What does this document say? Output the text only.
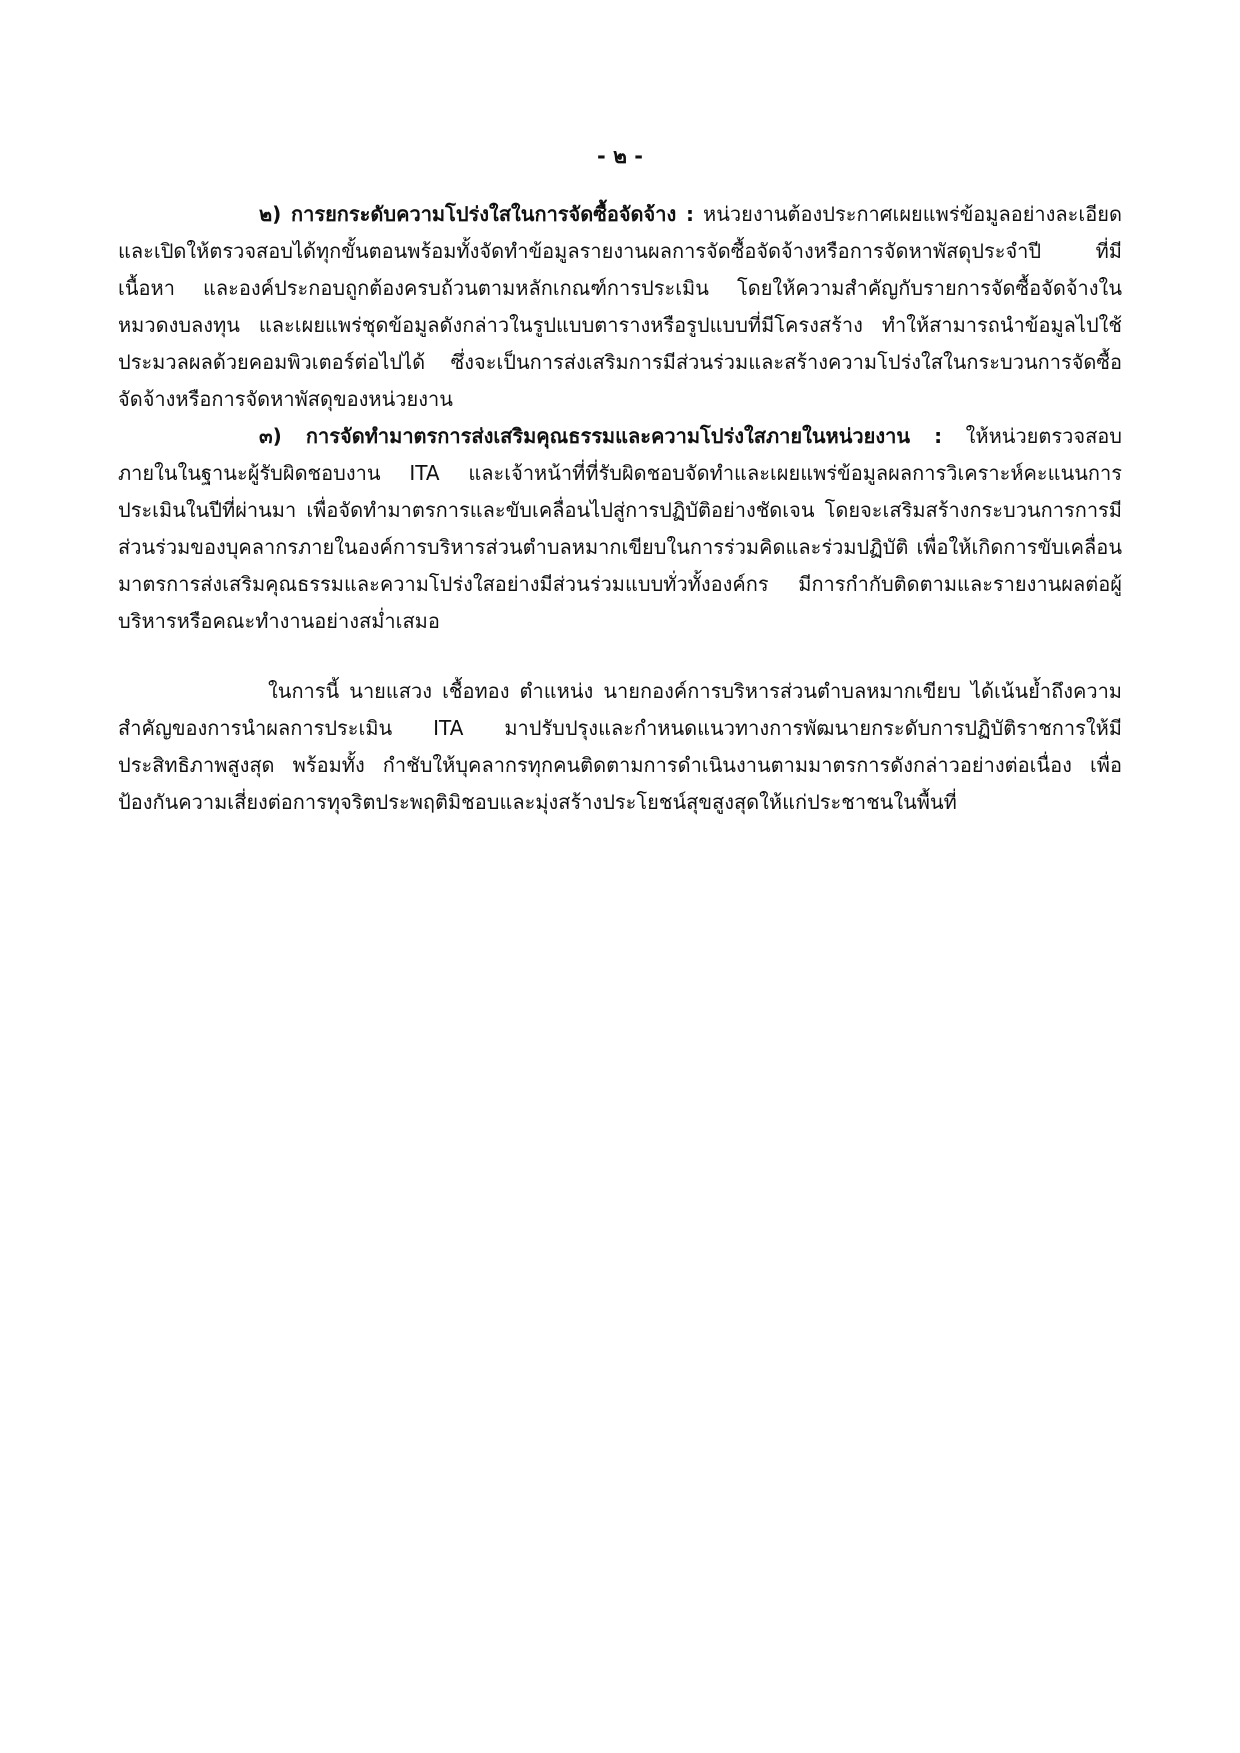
- ๒ -

๒) การยกระดับความโปร่งใสในการจัดซื้อจัดจ้าง : หน่วยงานต้องประกาศเผยแพร่ข้อมูลอย่างละเอียดและเปิดให้ตรวจสอบได้ทุกขั้นตอนพร้อมทั้งจัดทำข้อมูลรายงานผลการจัดซื้อจัดจ้างหรือการจัดหาพัสดุประจำปี ที่มีเนื้อหา และองค์ประกอบถูกต้องครบถ้วนตามหลักเกณฑ์การประเมิน โดยให้ความสำคัญกับรายการจัดซื้อจัดจ้างในหมวดงบลงทุน และเผยแพร่ชุดข้อมูลดังกล่าวในรูปแบบตารางหรือรูปแบบที่มีโครงสร้าง ทำให้สามารถนำข้อมูลไปใช้ประมวลผลด้วยคอมพิวเตอร์ต่อไปได้ ซึ่งจะเป็นการส่งเสริมการมีส่วนร่วมและสร้างความโปร่งใสในกระบวนการจัดซื้อจัดจ้างหรือการจัดหาพัสดุของหน่วยงาน

๓) การจัดทำมาตรการส่งเสริมคุณธรรมและความโปร่งใสภายในหน่วยงาน : ให้หน่วยตรวจสอบภายในในฐานะผู้รับผิดชอบงาน ITA และเจ้าหน้าที่ที่รับผิดชอบจัดทำและเผยแพร่ข้อมูลผลการวิเคราะห์คะแนนการประเมินในปีที่ผ่านมา เพื่อจัดทำมาตรการและขับเคลื่อนไปสู่การปฏิบัติอย่างชัดเจน โดยจะเสริมสร้างกระบวนการการมีส่วนร่วมของบุคลากรภายในองค์การบริหารส่วนตำบลหมากเขียบในการร่วมคิดและร่วมปฏิบัติ เพื่อให้เกิดการขับเคลื่อนมาตรการส่งเสริมคุณธรรมและความโปร่งใสอย่างมีส่วนร่วมแบบทั่วทั้งองค์กร มีการกำกับติดตามและรายงานผลต่อผู้บริหารหรือคณะทำงานอย่างสม่ำเสมอ

ในการนี้ นายแสวง เชื้อทอง ตำแหน่ง นายกองค์การบริหารส่วนตำบลหมากเขียบ ได้เน้นย้ำถึงความสำคัญของการนำผลการประเมิน ITA มาปรับปรุงและกำหนดแนวทางการพัฒนายกระดับการปฏิบัติราชการให้มีประสิทธิภาพสูงสุด พร้อมทั้ง กำชับให้บุคลากรทุกคนติดตามการดำเนินงานตามมาตรการดังกล่าวอย่างต่อเนื่อง เพื่อป้องกันความเสี่ยงต่อการทุจริตประพฤติมิชอบและมุ่งสร้างประโยชน์สุขสูงสุดให้แก่ประชาชนในพื้นที่
